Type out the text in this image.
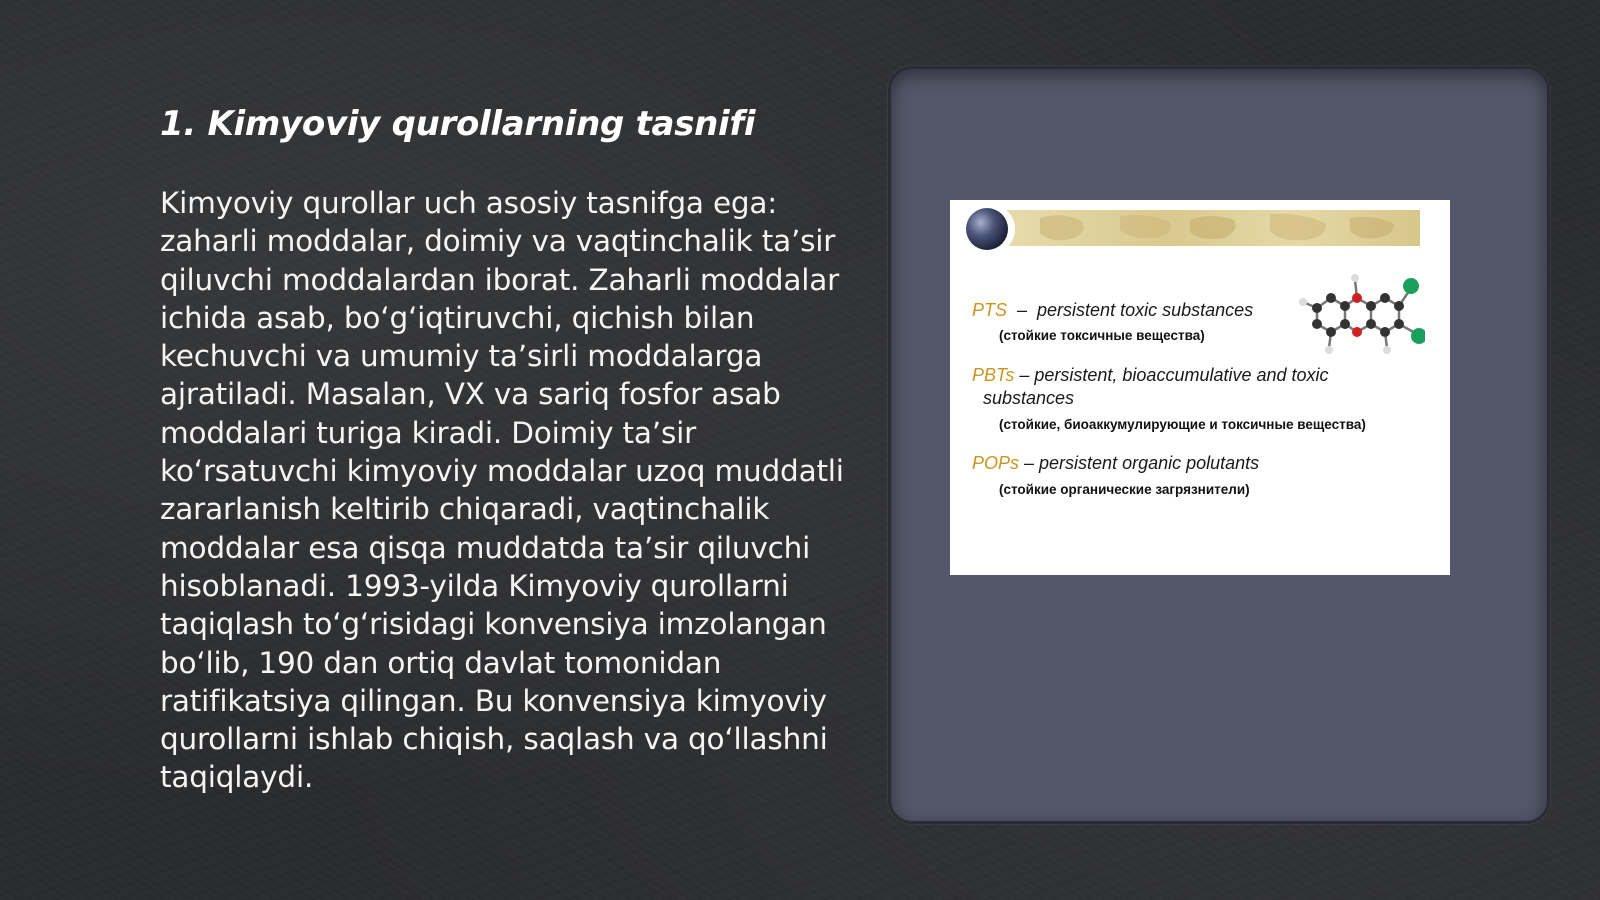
1. Kimyoviy qurollarning tasnifi

Kimyoviy qurollar uch asosiy tasnifga ega: zaharli moddalar, doimiy va vaqtinchalik ta’sir qiluvchi moddalardan iborat. Zaharli moddalar ichida asab, bo‘g‘iqtiruvchi, qichish bilan kechuvchi va umumiy ta’sirli moddalarga ajratiladi. Masalan, VX va sariq fosfor asab moddalari turiga kiradi. Doimiy ta’sir ko‘rsatuvchi kimyoviy moddalar uzoq muddatli zararlanish keltirib chiqaradi, vaqtinchalik moddalar esa qisqa muddatda ta’sir qiluvchi hisoblanadi. 1993-yilda Kimyoviy qurollarni taqiqlash to‘g‘risidagi konvensiya imzolangan bo‘lib, 190 dan ortiq davlat tomonidan ratifikatsiya qilingan. Bu konvensiya kimyoviy qurollarni ishlab chiqish, saqlash va qo‘llashni taqiqlaydi.

PTS  –  persistent toxic substances
(стойкие токсичные вещества)
PBTs – persistent, bioaccumulative and toxic
substances
(стойкие, биоаккумулирующие и токсичные вещества)
POPs – persistent organic polutants
(стойкие органические загрязнители)
